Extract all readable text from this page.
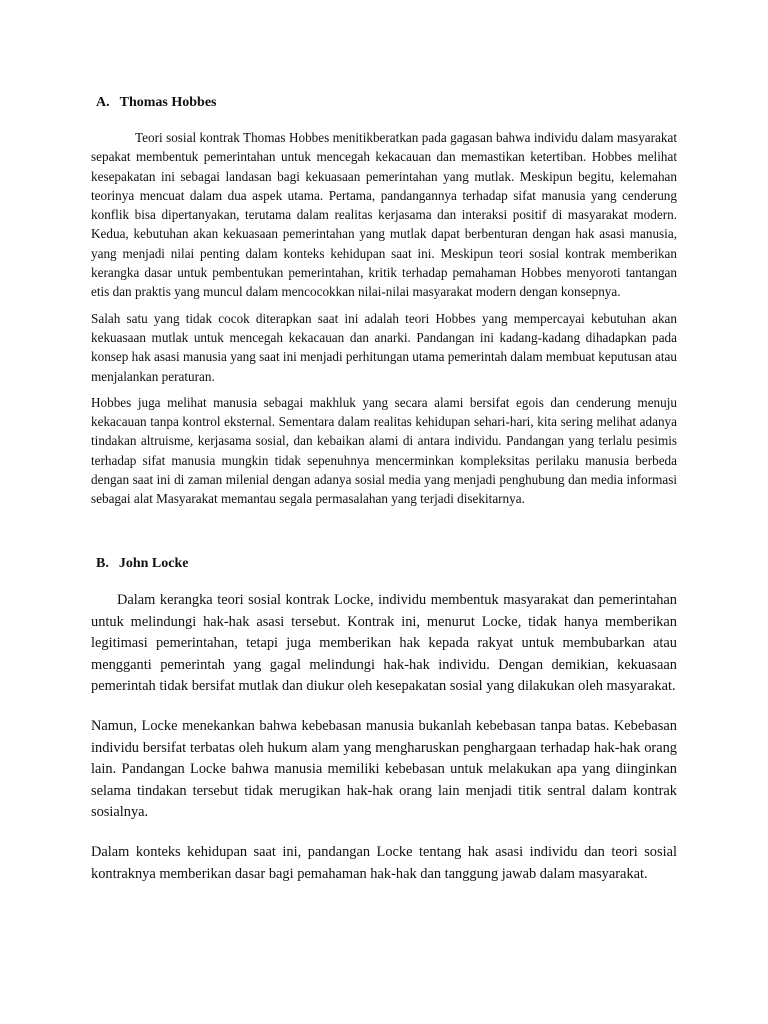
A. Thomas Hobbes

Teori sosial kontrak Thomas Hobbes menitikberatkan pada gagasan bahwa individu dalam masyarakat sepakat membentuk pemerintahan untuk mencegah kekacauan dan memastikan ketertiban. Hobbes melihat kesepakatan ini sebagai landasan bagi kekuasaan pemerintahan yang mutlak. Meskipun begitu, kelemahan teorinya mencuat dalam dua aspek utama. Pertama, pandangannya terhadap sifat manusia yang cenderung konflik bisa dipertanyakan, terutama dalam realitas kerjasama dan interaksi positif di masyarakat modern. Kedua, kebutuhan akan kekuasaan pemerintahan yang mutlak dapat berbenturan dengan hak asasi manusia, yang menjadi nilai penting dalam konteks kehidupan saat ini. Meskipun teori sosial kontrak memberikan kerangka dasar untuk pembentukan pemerintahan, kritik terhadap pemahaman Hobbes menyoroti tantangan etis dan praktis yang muncul dalam mencocokkan nilai-nilai masyarakat modern dengan konsepnya.

Salah satu yang tidak cocok diterapkan saat ini adalah teori Hobbes yang mempercayai kebutuhan akan kekuasaan mutlak untuk mencegah kekacauan dan anarki. Pandangan ini kadang-kadang dihadapkan pada konsep hak asasi manusia yang saat ini menjadi perhitungan utama pemerintah dalam membuat keputusan atau menjalankan peraturan.

Hobbes juga melihat manusia sebagai makhluk yang secara alami bersifat egois dan cenderung menuju kekacauan tanpa kontrol eksternal. Sementara dalam realitas kehidupan sehari-hari, kita sering melihat adanya tindakan altruisme, kerjasama sosial, dan kebaikan alami di antara individu. Pandangan yang terlalu pesimis terhadap sifat manusia mungkin tidak sepenuhnya mencerminkan kompleksitas perilaku manusia berbeda dengan saat ini di zaman milenial dengan adanya sosial media yang menjadi penghubung dan media informasi sebagai alat Masyarakat memantau segala permasalahan yang terjadi disekitarnya.

B. John Locke

Dalam kerangka teori sosial kontrak Locke, individu membentuk masyarakat dan pemerintahan untuk melindungi hak-hak asasi tersebut. Kontrak ini, menurut Locke, tidak hanya memberikan legitimasi pemerintahan, tetapi juga memberikan hak kepada rakyat untuk membubarkan atau mengganti pemerintah yang gagal melindungi hak-hak individu. Dengan demikian, kekuasaan pemerintah tidak bersifat mutlak dan diukur oleh kesepakatan sosial yang dilakukan oleh masyarakat.

Namun, Locke menekankan bahwa kebebasan manusia bukanlah kebebasan tanpa batas. Kebebasan individu bersifat terbatas oleh hukum alam yang mengharuskan penghargaan terhadap hak-hak orang lain. Pandangan Locke bahwa manusia memiliki kebebasan untuk melakukan apa yang diinginkan selama tindakan tersebut tidak merugikan hak-hak orang lain menjadi titik sentral dalam kontrak sosialnya.

Dalam konteks kehidupan saat ini, pandangan Locke tentang hak asasi individu dan teori sosial kontraknya memberikan dasar bagi pemahaman hak-hak dan tanggung jawab dalam masyarakat.
